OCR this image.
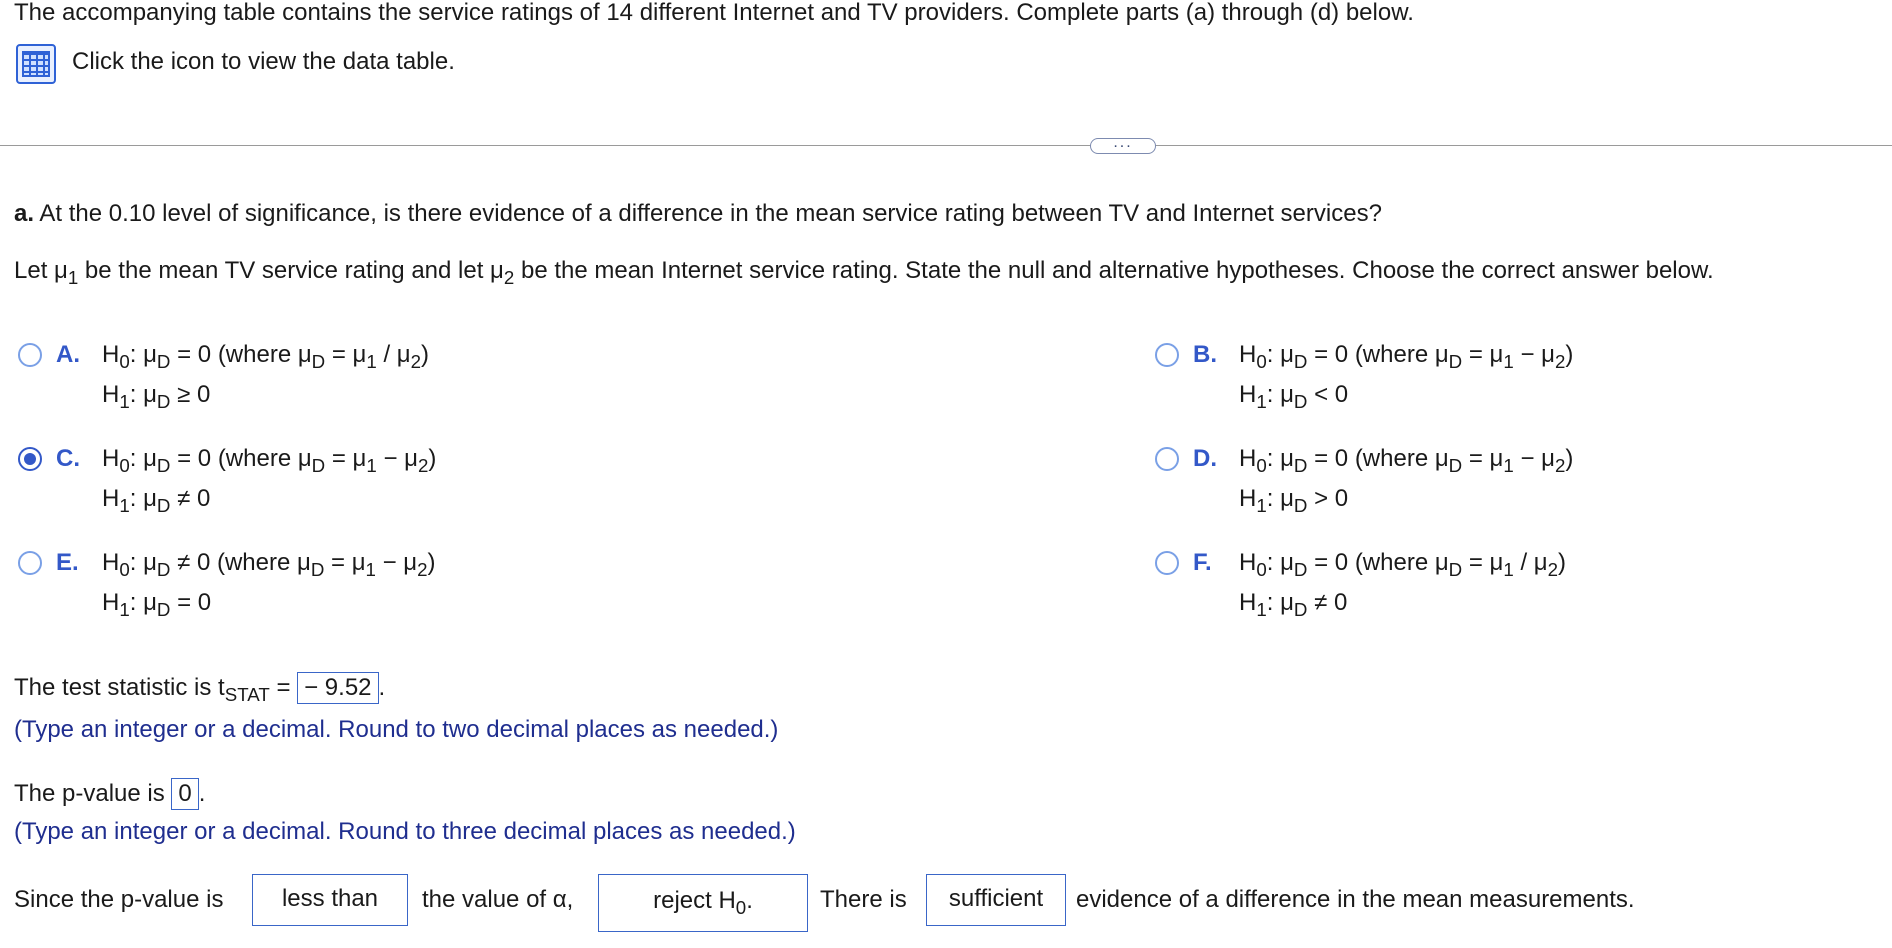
The accompanying table contains the service ratings of 14 different Internet and TV providers. Complete parts (a) through (d) below.
Click the icon to view the data table.
...
a. At the 0.10 level of significance, is there evidence of a difference in the mean service rating between TV and Internet services?
Let $\mu_1$ be the mean TV service rating and let $\mu_2$ be the mean Internet service rating. State the null and alternative hypotheses. Choose the correct answer below.
A. $H_0$: $\mu_D = 0$ (where $\mu_D = \mu_1 / \mu_2$)
$H_1$: $\mu_D \ge 0$
B. $H_0$: $\mu_D = 0$ (where $\mu_D = \mu_1 - \mu_2$)
$H_1$: $\mu_D < 0$
C. $H_0$: $\mu_D = 0$ (where $\mu_D = \mu_1 - \mu_2$)
$H_1$: $\mu_D \ne 0$
D. $H_0$: $\mu_D = 0$ (where $\mu_D = \mu_1 - \mu_2$)
$H_1$: $\mu_D > 0$
E. $H_0$: $\mu_D \ne 0$ (where $\mu_D = \mu_1 - \mu_2$)
$H_1$: $\mu_D = 0$
F. $H_0$: $\mu_D = 0$ (where $\mu_D = \mu_1 / \mu_2$)
$H_1$: $\mu_D \ne 0$
The test statistic is $t_{STAT}$ = − 9.52 .
(Type an integer or a decimal. Round to two decimal places as needed.)
The p-value is 0 .
(Type an integer or a decimal. Round to three decimal places as needed.)
Since the p-value is	less than	the value of α,	reject $H_0$.	There is	sufficient	evidence of a difference in the mean measurements.
